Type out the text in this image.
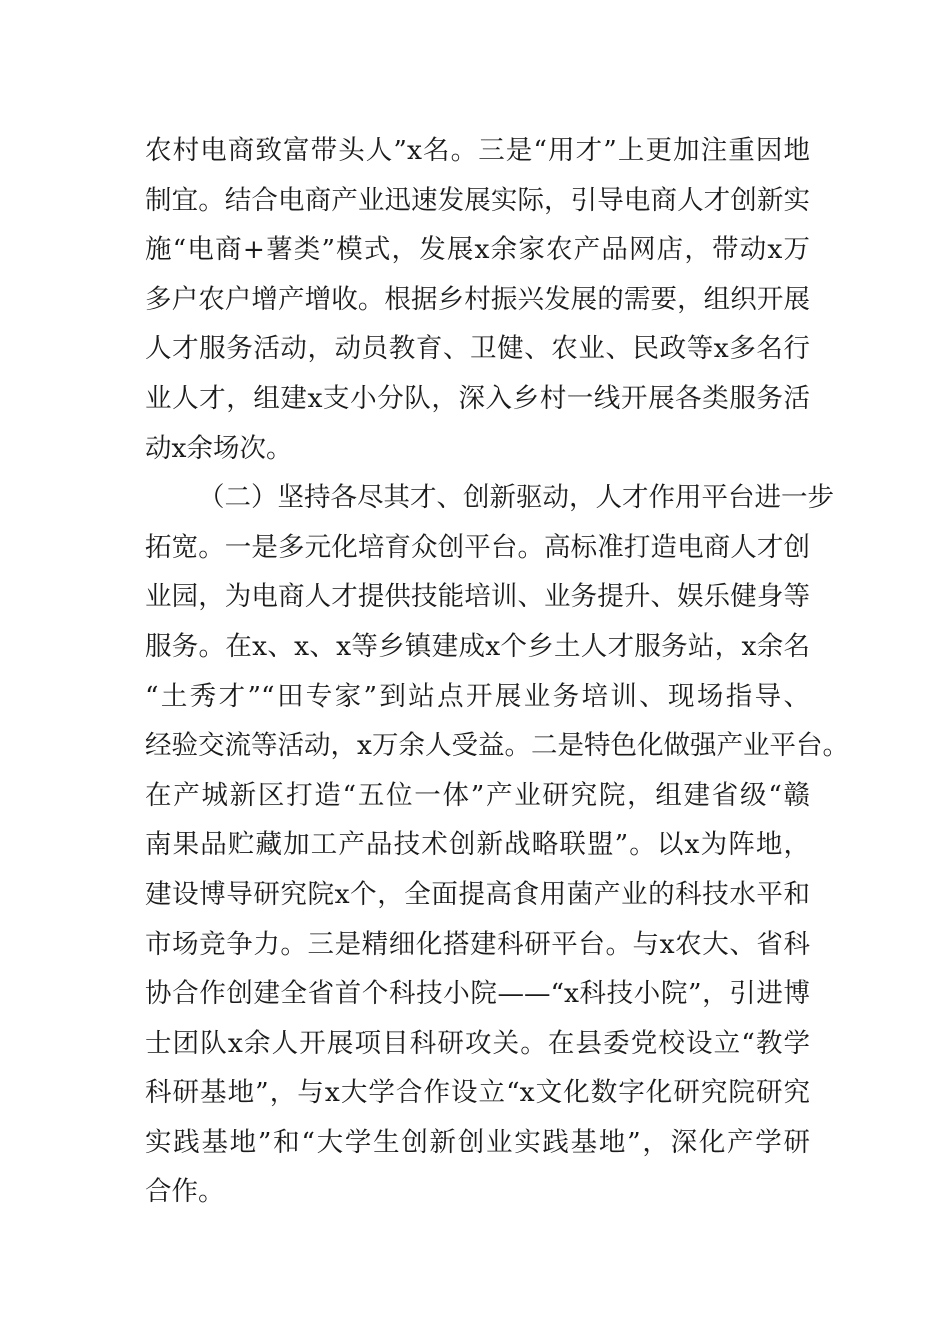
农村电商致富带头人”x名。三是“用才”上更加注重因地
制宜。结合电商产业迅速发展实际，引导电商人才创新实
施“电商+薯类”模式，发展x余家农产品网店，带动x万
多户农户增产增收。根据乡村振兴发展的需要，组织开展
人才服务活动，动员教育、卫健、农业、民政等x多名行
业人才，组建x支小分队，深入乡村一线开展各类服务活
动x余场次。
（二）坚持各尽其才、创新驱动，人才作用平台进一步
拓宽。一是多元化培育众创平台。高标准打造电商人才创
业园，为电商人才提供技能培训、业务提升、娱乐健身等
服务。在x、x、x等乡镇建成x个乡土人才服务站，x余名
“土秀才”“田专家”到站点开展业务培训、现场指导、
经验交流等活动，x万余人受益。二是特色化做强产业平台。
在产城新区打造“五位一体”产业研究院，组建省级“赣
南果品贮藏加工产品技术创新战略联盟”。以x为阵地，
建设博导研究院x个，全面提高食用菌产业的科技水平和
市场竞争力。三是精细化搭建科研平台。与x农大、省科
协合作创建全省首个科技小院——“x科技小院”，引进博
士团队x余人开展项目科研攻关。在县委党校设立“教学
科研基地”，与x大学合作设立“x文化数字化研究院研究
实践基地”和“大学生创新创业实践基地”，深化产学研
合作。
